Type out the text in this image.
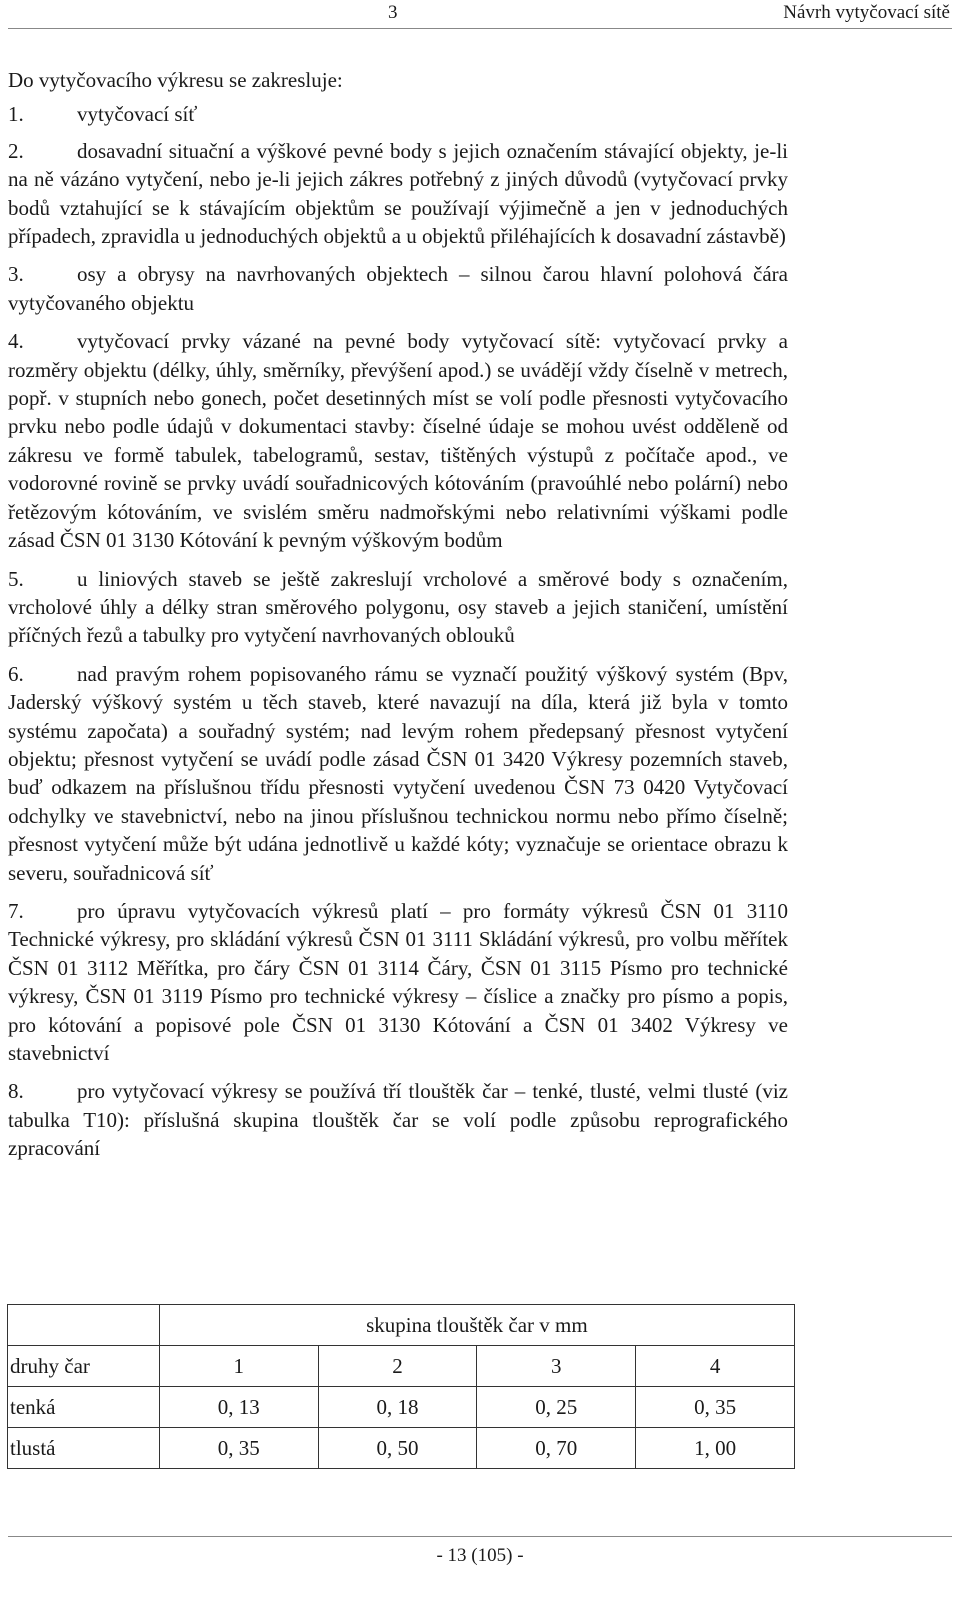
3	Návrh vytyčovací sítě

Do vytyčovacího výkresu se zakresluje:

1.	vytyčovací síť

2.	dosavadní situační a výškové pevné body s jejich označením stávající objekty, je-li na ně vázáno vytyčení, nebo je-li jejich zákres potřebný z jiných důvodů (vytyčovací prvky bodů vztahující se k stávajícím objektům se používají výjimečně a jen v jednoduchých případech, zpravidla u jednoduchých objektů a u objektů přiléhajících k dosavadní zástavbě)

3.	osy a obrysy na navrhovaných objektech – silnou čarou hlavní polohová čára vytyčovaného objektu

4.	vytyčovací prvky vázané na pevné body vytyčovací sítě: vytyčovací prvky a rozměry objektu (délky, úhly, směrníky, převýšení apod.) se uvádějí vždy číselně v metrech, popř. v stupních nebo gonech, počet desetinných míst se volí podle přesnosti vytyčovacího prvku nebo podle údajů v dokumentaci stavby: číselné údaje se mohou uvést odděleně od zákresu ve formě tabulek, tabelogramů, sestav, tištěných výstupů z počítače apod., ve vodorovné rovině se prvky uvádí souřadnicových kótováním (pravoúhlé nebo polární) nebo řetězovým kótováním, ve svislém směru nadmořskými nebo relativními výškami podle zásad ČSN 01 3130 Kótování k pevným výškovým bodům

5.	u liniových staveb se ještě zakreslují vrcholové a směrové body s označením, vrcholové úhly a délky stran směrového polygonu, osy staveb a jejich staničení, umístění příčných řezů a tabulky pro vytyčení navrhovaných oblouků

6.	nad pravým rohem popisovaného rámu se vyznačí použitý výškový systém (Bpv, Jaderský výškový systém u těch staveb, které navazují na díla, která již byla v tomto systému započata) a souřadný systém; nad levým rohem předepsaný přesnost vytyčení objektu; přesnost vytyčení se uvádí podle zásad ČSN 01 3420 Výkresy pozemních staveb, buď odkazem na příslušnou třídu přesnosti vytyčení uvedenou ČSN 73 0420 Vytyčovací odchylky ve stavebnictví, nebo na jinou příslušnou technickou normu nebo přímo číselně; přesnost vytyčení může být udána jednotlivě u každé kóty; vyznačuje se orientace obrazu k severu, souřadnicová síť

7.	pro úpravu vytyčovacích výkresů platí – pro formáty výkresů ČSN 01 3110 Technické výkresy, pro skládání výkresů ČSN 01 3111 Skládání výkresů, pro volbu měřítek ČSN 01 3112 Měřítka, pro čáry ČSN 01 3114 Čáry, ČSN 01 3115 Písmo pro technické výkresy, ČSN 01 3119 Písmo pro technické výkresy – číslice a značky pro písmo a popis, pro kótování a popisové pole ČSN 01 3130 Kótování a ČSN 01 3402 Výkresy ve stavebnictví

8.	pro vytyčovací výkresy se používá tří tlouštěk čar – tenké, tlusté, velmi tlusté (viz tabulka T10): příslušná skupina tlouštěk čar se volí podle způsobu reprografického zpracování

	skupina tlouštěk čar v mm			
druhy čar	1	2	3	4
tenká	0, 13	0, 18	0, 25	0, 35
tlustá	0, 35	0, 50	0, 70	1, 00
- 13 (105) -
